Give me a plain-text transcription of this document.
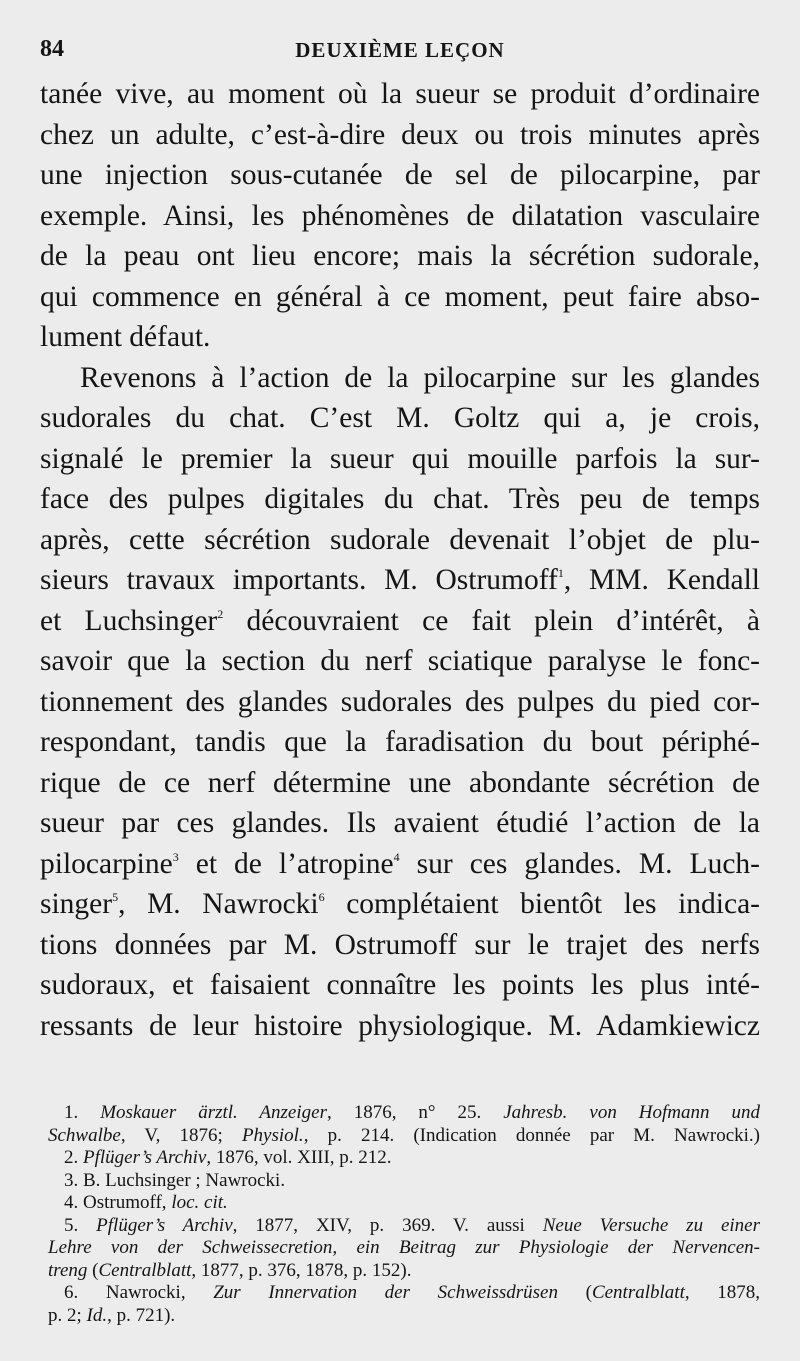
84	DEUXIÈME LEÇON

tanée vive, au moment où la sueur se produit d’ordinaire
chez un adulte, c’est-à-dire deux ou trois minutes après
une injection sous-cutanée de sel de pilocarpine, par
exemple. Ainsi, les phénomènes de dilatation vasculaire
de la peau ont lieu encore; mais la sécrétion sudorale,
qui commence en général à ce moment, peut faire abso-
lument défaut.

Revenons à l’action de la pilocarpine sur les glandes
sudorales du chat. C’est M. Goltz qui a, je crois,
signalé le premier la sueur qui mouille parfois la sur-
face des pulpes digitales du chat. Très peu de temps
après, cette sécrétion sudorale devenait l’objet de plu-
sieurs travaux importants. M. Ostrumoff$^1$, MM. Kendall
et Luchsinger$^2$ découvraient ce fait plein d’intérêt, à
savoir que la section du nerf sciatique paralyse le fonc-
tionnement des glandes sudorales des pulpes du pied cor-
respondant, tandis que la faradisation du bout périphé-
rique de ce nerf détermine une abondante sécrétion de
sueur par ces glandes. Ils avaient étudié l’action de la
pilocarpine$^3$ et de l’atropine$^4$ sur ces glandes. M. Luch-
singer$^5$, M. Nawrocki$^6$ complétaient bientôt les indica-
tions données par M. Ostrumoff sur le trajet des nerfs
sudoraux, et faisaient connaître les points les plus inté-
ressants de leur histoire physiologique. M. Adamkiewicz

1. Moskauer ärztl. Anzeiger, 1876, n° 25. Jahresb. von Hofmann und
Schwalbe, V, 1876; Physiol., p. 214. (Indication donnée par M. Nawrocki.)
2. Pflüger’s Archiv, 1876, vol. XIII, p. 212.
3. B. Luchsinger ; Nawrocki.
4. Ostrumoff, loc. cit.
5. Pflüger’s Archiv, 1877, XIV, p. 369. V. aussi Neue Versuche zu einer
Lehre von der Schweissecretion, ein Beitrag zur Physiologie der Nervencen-
treng (Centralblatt, 1877, p. 376, 1878, p. 152).
6. Nawrocki, Zur Innervation der Schweissdrüsen (Centralblatt, 1878,
p. 2; Id., p. 721).
